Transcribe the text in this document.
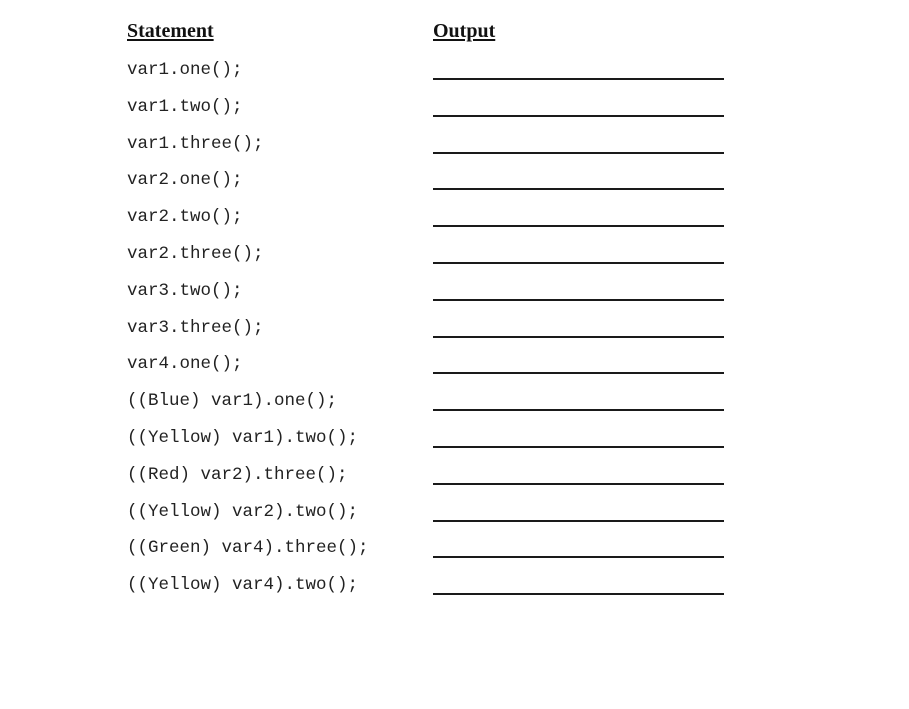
Statement	Output
var1.one();
var1.two();
var1.three();
var2.one();
var2.two();
var2.three();
var3.two();
var3.three();
var4.one();
((Blue) var1).one();
((Yellow) var1).two();
((Red) var2).three();
((Yellow) var2).two();
((Green) var4).three();
((Yellow) var4).two();
